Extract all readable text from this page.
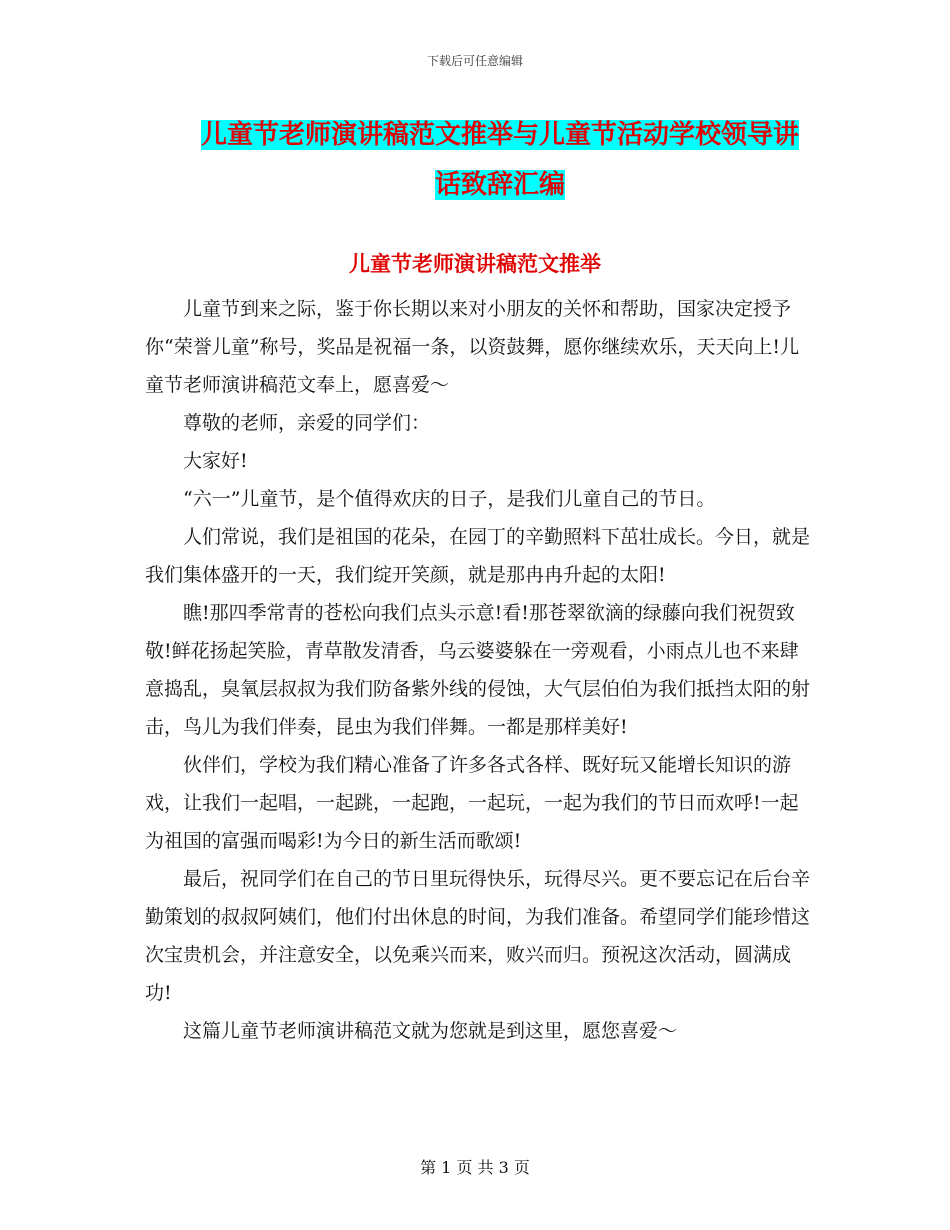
下载后可任意编辑
儿童节老师演讲稿范文推举与儿童节活动学校领导讲
话致辞汇编
儿童节老师演讲稿范文推举

儿童节到来之际，鉴于你长期以来对小朋友的关怀和帮助，国家决定授予你“荣誉儿童”称号，奖品是祝福一条，以资鼓舞，愿你继续欢乐，天天向上!儿童节老师演讲稿范文奉上，愿喜爱～

尊敬的老师，亲爱的同学们：

大家好!

“六一”儿童节，是个值得欢庆的日子，是我们儿童自己的节日。

人们常说，我们是祖国的花朵，在园丁的辛勤照料下茁壮成长。今日，就是我们集体盛开的一天，我们绽开笑颜，就是那冉冉升起的太阳!

瞧!那四季常青的苍松向我们点头示意!看!那苍翠欲滴的绿藤向我们祝贺致敬!鲜花扬起笑脸，青草散发清香，乌云婆婆躲在一旁观看，小雨点儿也不来肆意捣乱，臭氧层叔叔为我们防备紫外线的侵蚀，大气层伯伯为我们抵挡太阳的射击，鸟儿为我们伴奏，昆虫为我们伴舞。一都是那样美好!

伙伴们，学校为我们精心准备了许多各式各样、既好玩又能增长知识的游戏，让我们一起唱，一起跳，一起跑，一起玩，一起为我们的节日而欢呼!一起为祖国的富强而喝彩!为今日的新生活而歌颂!

最后，祝同学们在自己的节日里玩得快乐，玩得尽兴。更不要忘记在后台辛勤策划的叔叔阿姨们，他们付出休息的时间，为我们准备。希望同学们能珍惜这次宝贵机会，并注意安全，以免乘兴而来，败兴而归。预祝这次活动，圆满成功!

这篇儿童节老师演讲稿范文就为您就是到这里，愿您喜爱～

第 1 页 共 3 页
